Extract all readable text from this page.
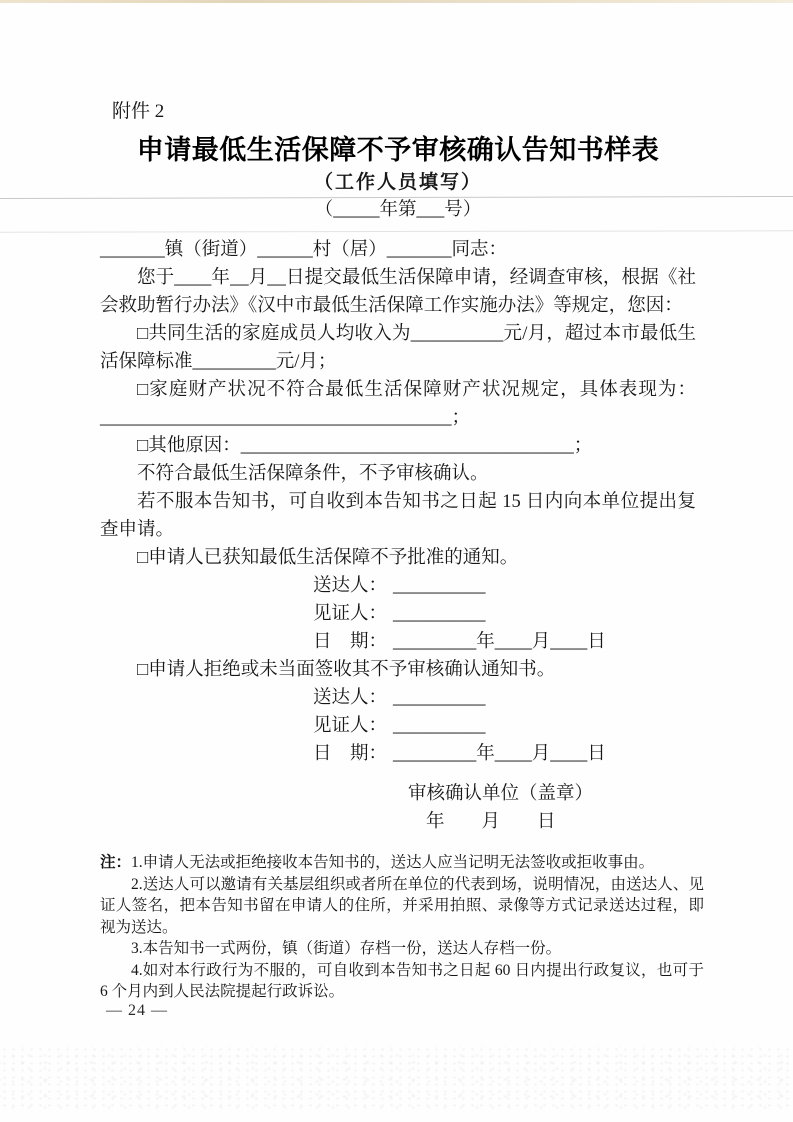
附件 2

申请最低生活保障不予审核确认告知书样表

（工作人员填写）

（_____年第___号）

_______镇（街道）______村（居）_______同志：

您于____年__月__日提交最低生活保障申请，经调查审核，根据《社会救助暂行办法》《汉中市最低生活保障工作实施办法》等规定，您因：

□共同生活的家庭成员人均收入为__________元/月，超过本市最低生活保障标准_________元/月；

□家庭财产状况不符合最低生活保障财产状况规定，具体表现为：______________________________________；

□其他原因：____________________________________；

不符合最低生活保障条件，不予审核确认。

若不服本告知书，可自收到本告知书之日起 15 日内向本单位提出复查申请。

□申请人已获知最低生活保障不予批准的通知。

送达人： __________

见证人： __________

日　期： _________年____月____日

□申请人拒绝或未当面签收其不予审核确认通知书。

送达人： __________

见证人： __________

日　期： _________年____月____日

审核确认单位（盖章）

年　　月　　日

注：1.申请人无法或拒绝接收本告知书的，送达人应当记明无法签收或拒收事由。

2.送达人可以邀请有关基层组织或者所在单位的代表到场，说明情况，由送达人、见证人签名，把本告知书留在申请人的住所，并采用拍照、录像等方式记录送达过程，即视为送达。

3.本告知书一式两份，镇（街道）存档一份，送达人存档一份。

4.如对本行政行为不服的，可自收到本告知书之日起 60 日内提出行政复议，也可于 6 个月内到人民法院提起行政诉讼。

— 24 —
